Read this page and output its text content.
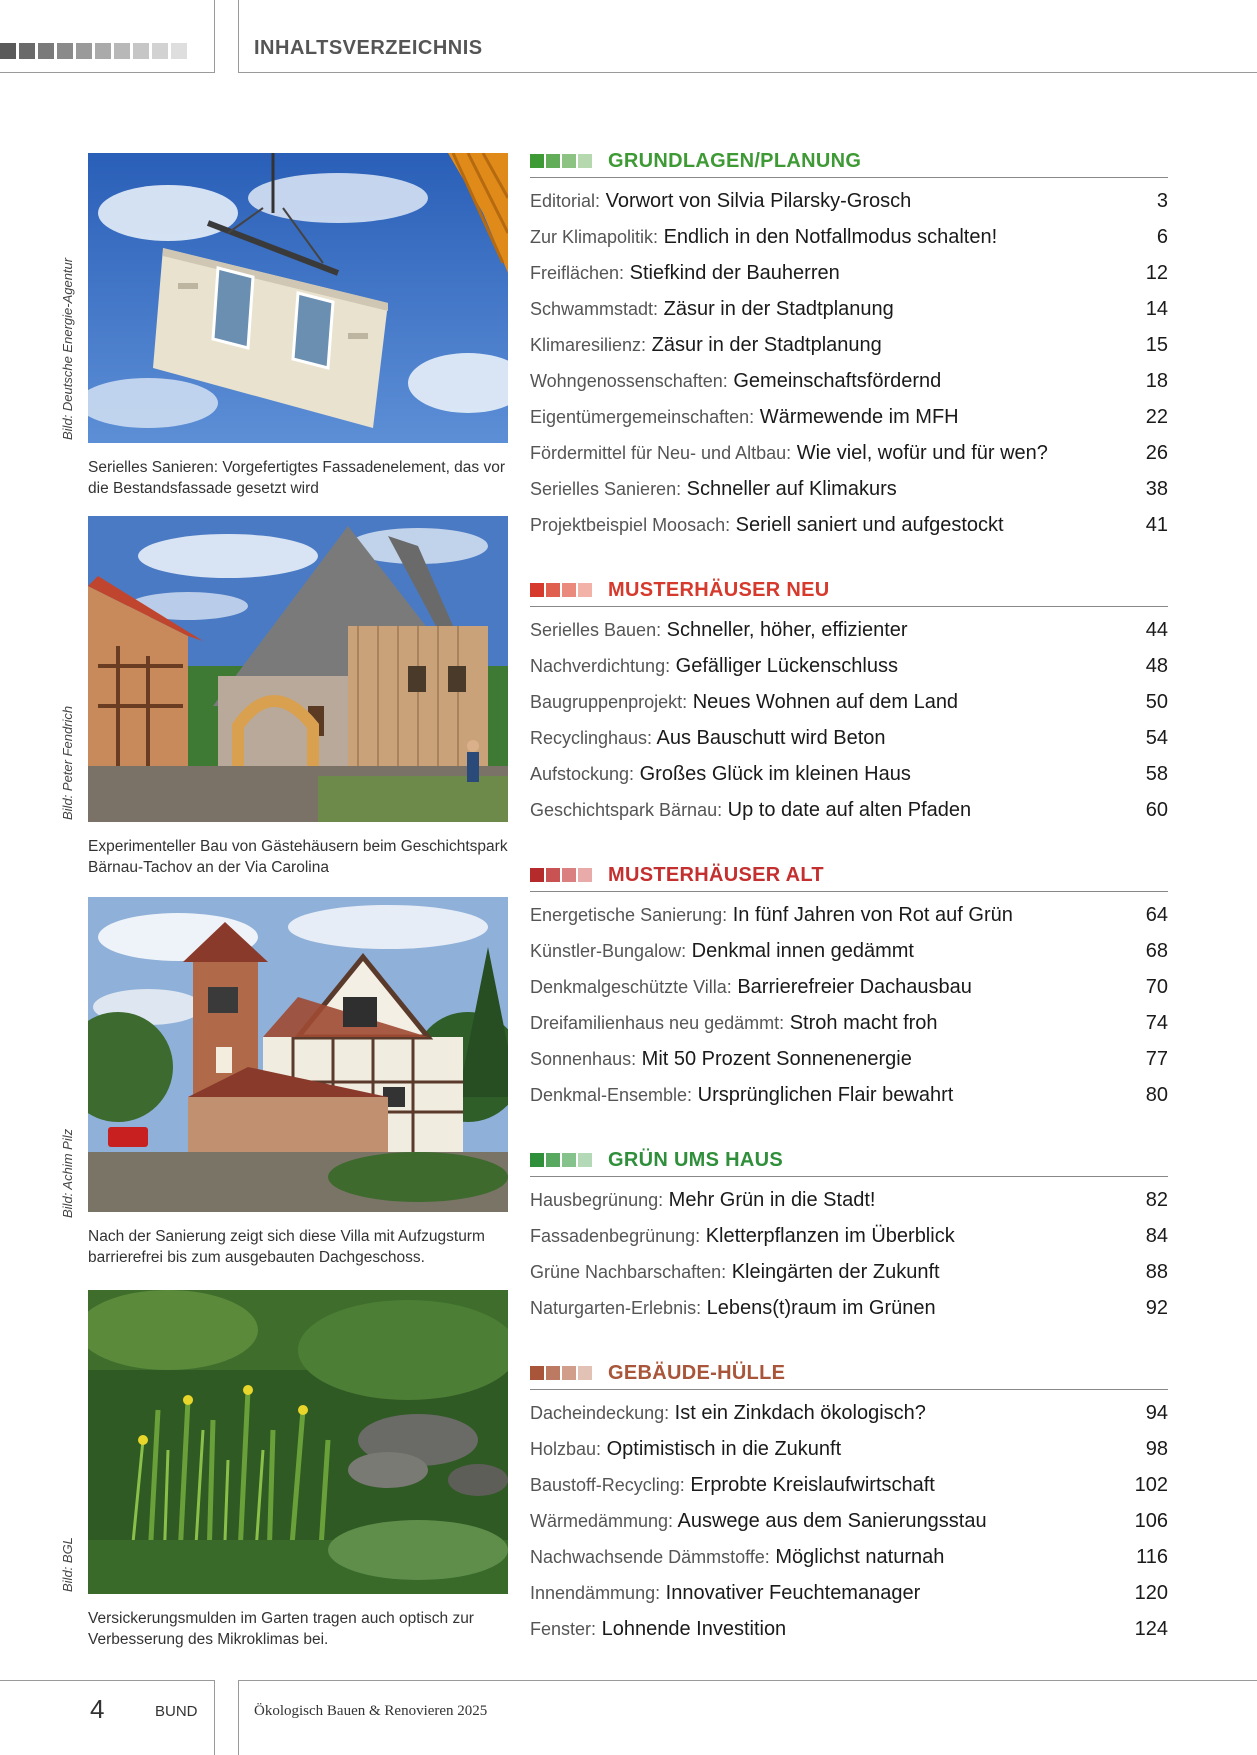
INHALTSVERZEICHNIS
Bild: Deutsche Energie-Agentur
Serielles Sanieren: Vorgefertigtes Fassadenelement, das vor die Bestandsfassade gesetzt wird
Bild: Peter Fendrich
Experimenteller Bau von Gästehäusern beim Geschichtspark Bärnau-Tachov an der Via Carolina
Bild: Achim Pilz
Nach der Sanierung zeigt sich diese Villa mit Aufzugsturm barrierefrei bis zum ausgebauten Dachgeschoss.
Bild: BGL
Versickerungsmulden im Garten tragen auch optisch zur Verbesserung des Mikroklimas bei.
GRUNDLAGEN/PLANUNG
Editorial: Vorwort von Silvia Pilarsky-Grosch	3
Zur Klimapolitik: Endlich in den Notfallmodus schalten!	6
Freiflächen: Stiefkind der Bauherren	12
Schwammstadt: Zäsur in der Stadtplanung	14
Klimaresilienz: Zäsur in der Stadtplanung	15
Wohngenossenschaften: Gemeinschaftsfördernd	18
Eigentümergemeinschaften: Wärmewende im MFH	22
Fördermittel für Neu- und Altbau: Wie viel, wofür und für wen?	26
Serielles Sanieren: Schneller auf Klimakurs	38
Projektbeispiel Moosach: Seriell saniert und aufgestockt	41
MUSTERHÄUSER NEU
Serielles Bauen: Schneller, höher, effizienter	44
Nachverdichtung: Gefälliger Lückenschluss	48
Baugruppenprojekt: Neues Wohnen auf dem Land	50
Recyclinghaus: Aus Bauschutt wird Beton	54
Aufstockung: Großes Glück im kleinen Haus	58
Geschichtspark Bärnau: Up to date auf alten Pfaden	60
MUSTERHÄUSER ALT
Energetische Sanierung: In fünf Jahren von Rot auf Grün	64
Künstler-Bungalow: Denkmal innen gedämmt	68
Denkmalgeschützte Villa: Barrierefreier Dachausbau	70
Dreifamilienhaus neu gedämmt: Stroh macht froh	74
Sonnenhaus: Mit 50 Prozent Sonnenenergie	77
Denkmal-Ensemble: Ursprünglichen Flair bewahrt	80
GRÜN UMS HAUS
Hausbegrünung: Mehr Grün in die Stadt!	82
Fassadenbegrünung: Kletterpflanzen im Überblick	84
Grüne Nachbarschaften: Kleingärten der Zukunft	88
Naturgarten-Erlebnis: Lebens(t)raum im Grünen	92
GEBÄUDE-HÜLLE
Dacheindeckung: Ist ein Zinkdach ökologisch?	94
Holzbau: Optimistisch in die Zukunft	98
Baustoff-Recycling: Erprobte Kreislaufwirtschaft	102
Wärmedämmung: Auswege aus dem Sanierungsstau	106
Nachwachsende Dämmstoffe: Möglichst naturnah	116
Innendämmung: Innovativer Feuchtemanager	120
Fenster: Lohnende Investition	124
4	BUND	Ökologisch Bauen & Renovieren 2025
